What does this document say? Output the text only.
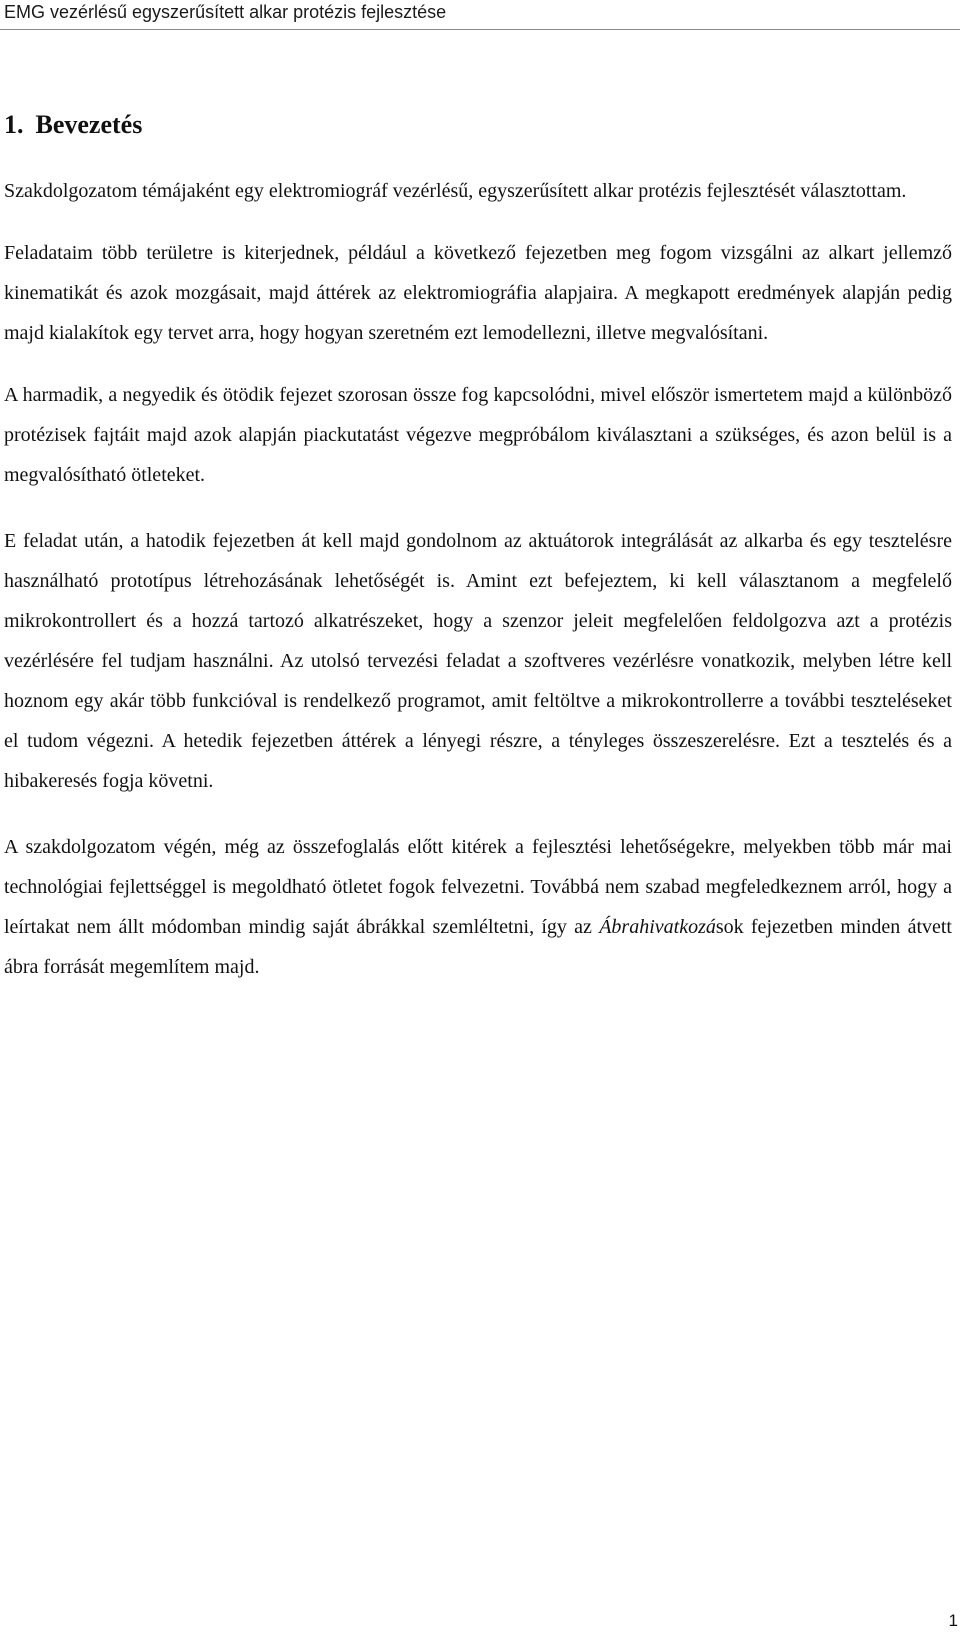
EMG vezérlésű egyszerűsített alkar protézis fejlesztése
1. Bevezetés

Szakdolgozatom témájaként egy elektromiográf vezérlésű, egyszerűsített alkar protézis fejlesztését választottam.

Feladataim több területre is kiterjednek, például a következő fejezetben meg fogom vizsgálni az alkart jellemző kinematikát és azok mozgásait, majd áttérek az elektromiográfia alapjaira. A megkapott eredmények alapján pedig majd kialakítok egy tervet arra, hogy hogyan szeretném ezt lemodellezni, illetve megvalósítani.

A harmadik, a negyedik és ötödik fejezet szorosan össze fog kapcsolódni, mivel először ismertetem majd a különböző protézisek fajtáit majd azok alapján piackutatást végezve megpróbálom kiválasztani a szükséges, és azon belül is a megvalósítható ötleteket.

E feladat után, a hatodik fejezetben át kell majd gondolnom az aktuátorok integrálását az alkarba és egy tesztelésre használható prototípus létrehozásának lehetőségét is. Amint ezt befejeztem, ki kell választanom a megfelelő mikrokontrollert és a hozzá tartozó alkatrészeket, hogy a szenzor jeleit megfelelően feldolgozva azt a protézis vezérlésére fel tudjam használni. Az utolsó tervezési feladat a szoftveres vezérlésre vonatkozik, melyben létre kell hoznom egy akár több funkcióval is rendelkező programot, amit feltöltve a mikrokontrollerre a további teszteléseket el tudom végezni. A hetedik fejezetben áttérek a lényegi részre, a tényleges összeszerelésre. Ezt a tesztelés és a hibakeresés fogja követni.

A szakdolgozatom végén, még az összefoglalás előtt kitérek a fejlesztési lehetőségekre, melyekben több már mai technológiai fejlettséggel is megoldható ötletet fogok felvezetni. Továbbá nem szabad megfeledkeznem arról, hogy a leírtakat nem állt módomban mindig saját ábrákkal szemléltetni, így az Ábrahivatkozások fejezetben minden átvett ábra forrását megemlítem majd.

1
